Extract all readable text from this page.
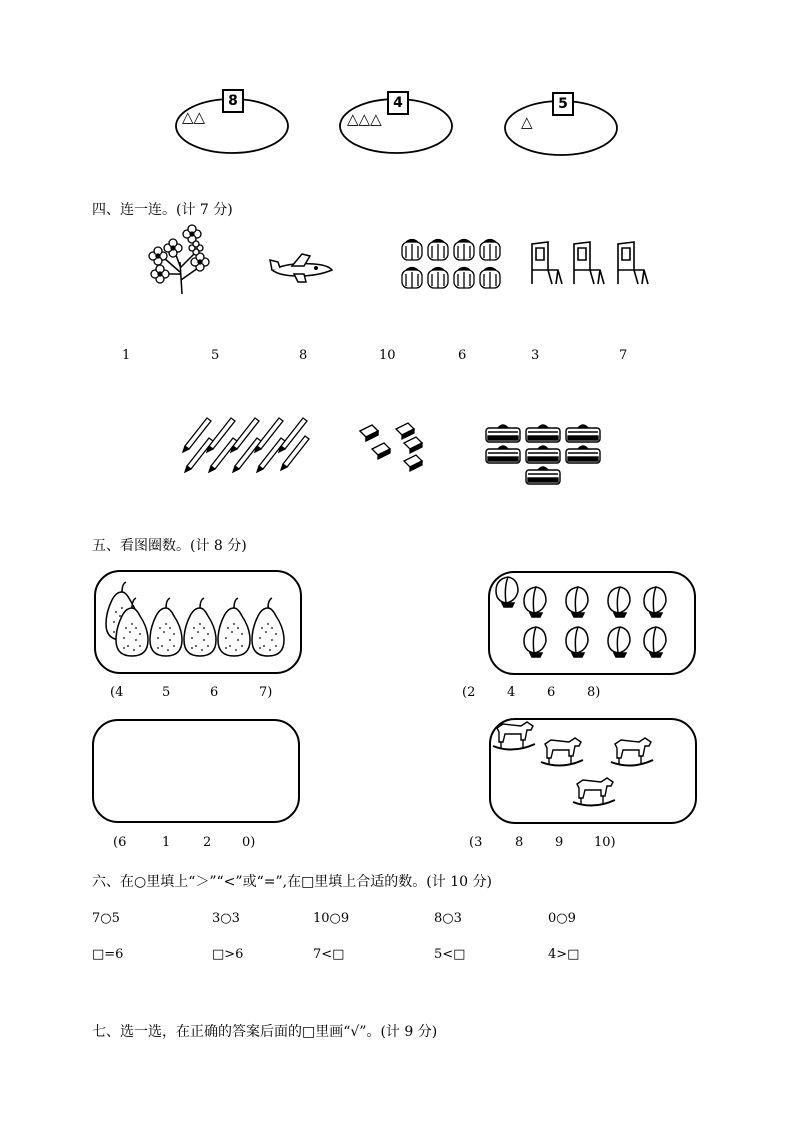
8
△△
4
△△△
5
△
四、连一连。(计 7 分)
1	5	8	10	6	3	7
五、看图圈数。(计 8 分)
(4	5	6	7)	(2 4 6 8)
(6	1	2 0)	(3	8 9 10)
六、在○里填上“＞”“<”或“=”,在□里填上合适的数。(计 10 分)
7○5	3○3	10○9	8○3	0○9
□=6	□>6	7<□	5<□	4>□
七、选一选，在正确的答案后面的□里画“√”。(计 9 分)
